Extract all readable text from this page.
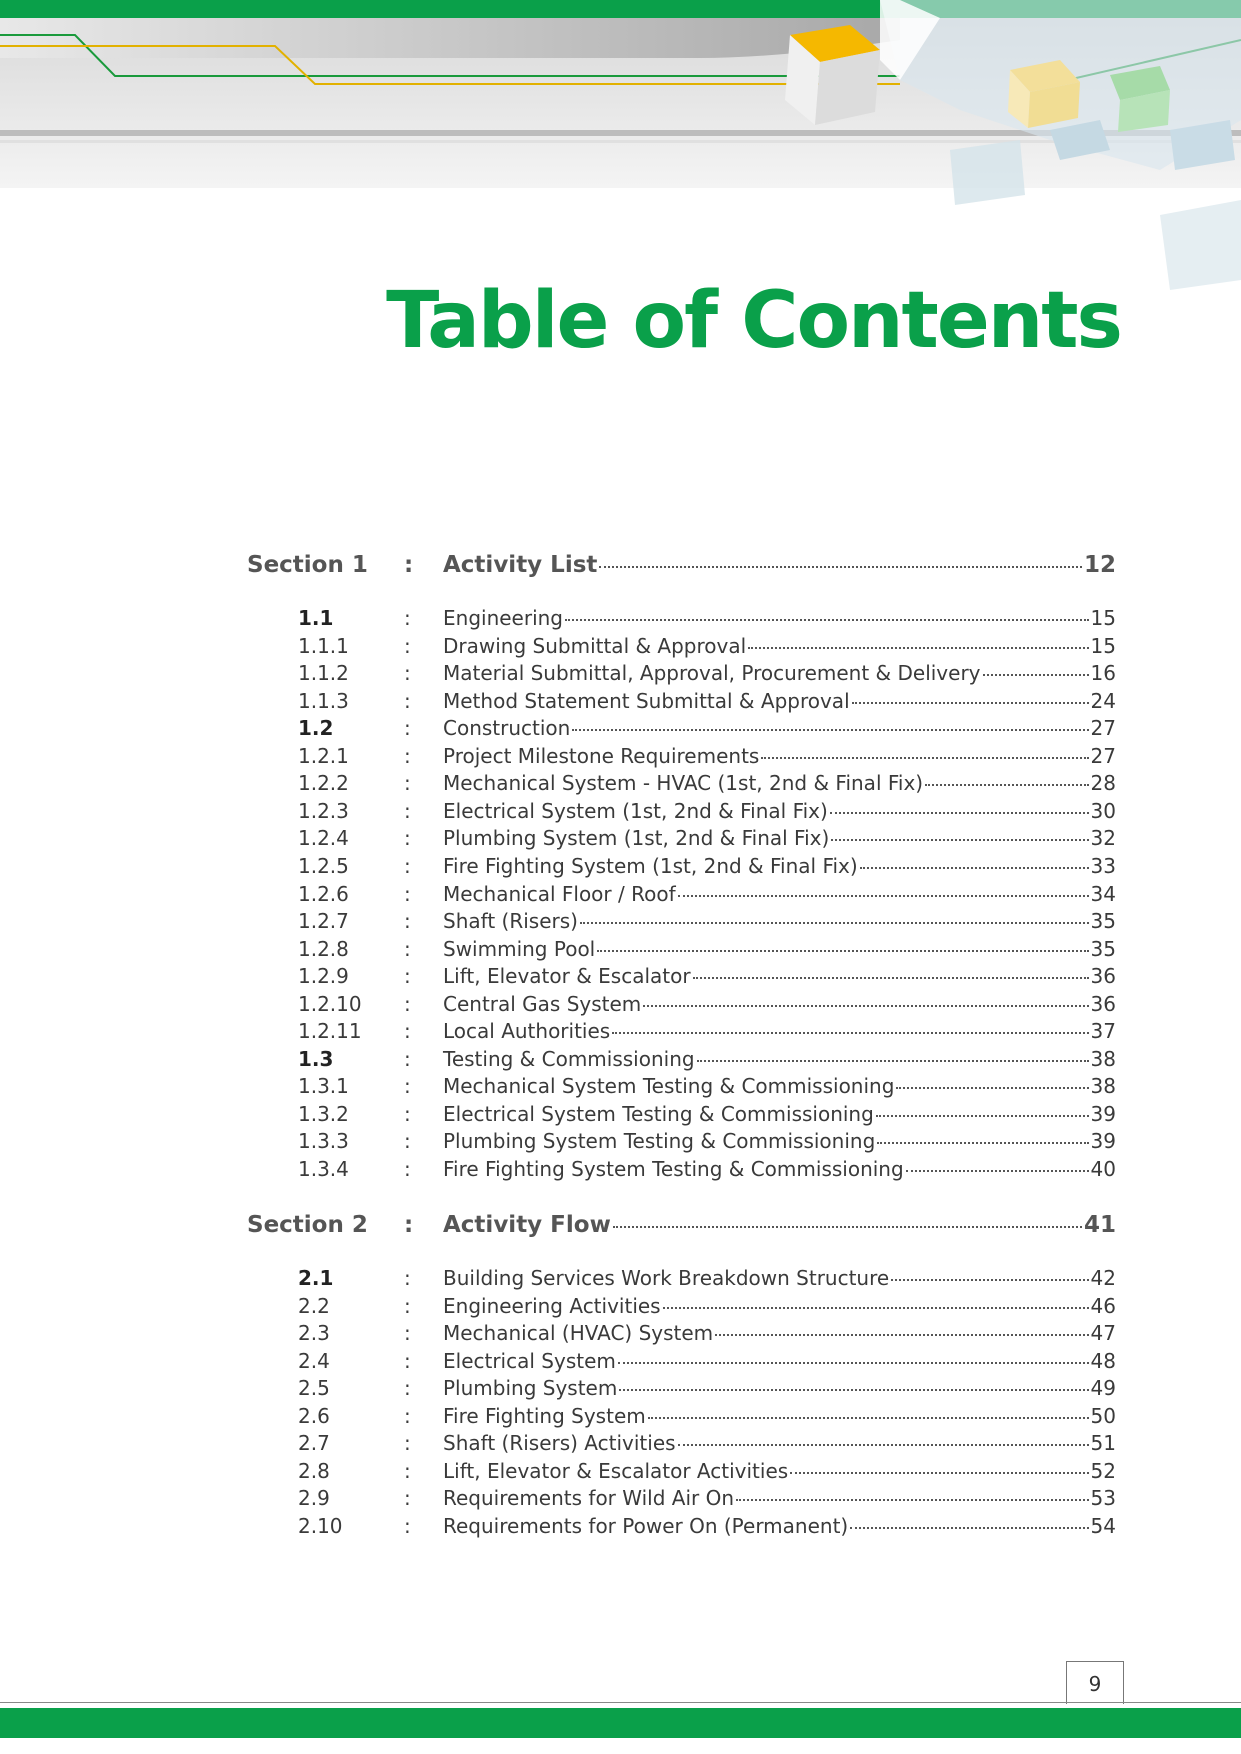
Table of Contents
Section 1 : Activity List	12
1.1	: Engineering	15
1.1.1	: Drawing Submittal & Approval	15
1.1.2	: Material Submittal, Approval, Procurement & Delivery	16
1.1.3	: Method Statement Submittal & Approval	24
1.2	: Construction	27
1.2.1	: Project Milestone Requirements	27
1.2.2	: Mechanical System - HVAC (1st, 2nd & Final Fix)	28
1.2.3	: Electrical System (1st, 2nd & Final Fix)	30
1.2.4	: Plumbing System (1st, 2nd & Final Fix)	32
1.2.5	: Fire Fighting System (1st, 2nd & Final Fix)	33
1.2.6	: Mechanical Floor / Roof	34
1.2.7	: Shaft (Risers)	35
1.2.8	: Swimming Pool	35
1.2.9	: Lift, Elevator & Escalator	36
1.2.10 : Central Gas System	36
1.2.11 : Local Authorities	37
1.3	: Testing & Commissioning	38
1.3.1	: Mechanical System Testing & Commissioning	38
1.3.2	: Electrical System Testing & Commissioning	39
1.3.3	: Plumbing System Testing & Commissioning	39
1.3.4	: Fire Fighting System Testing & Commissioning	40
Section 2 : Activity Flow	41
2.1	: Building Services Work Breakdown Structure	42
2.2	: Engineering Activities	46
2.3	: Mechanical (HVAC) System	47
2.4	: Electrical System	48
2.5	: Plumbing System	49
2.6	: Fire Fighting System	50
2.7	: Shaft (Risers) Activities	51
2.8	: Lift, Elevator & Escalator Activities	52
2.9	: Requirements for Wild Air On	53
2.10	: Requirements for Power On (Permanent)	54
9
